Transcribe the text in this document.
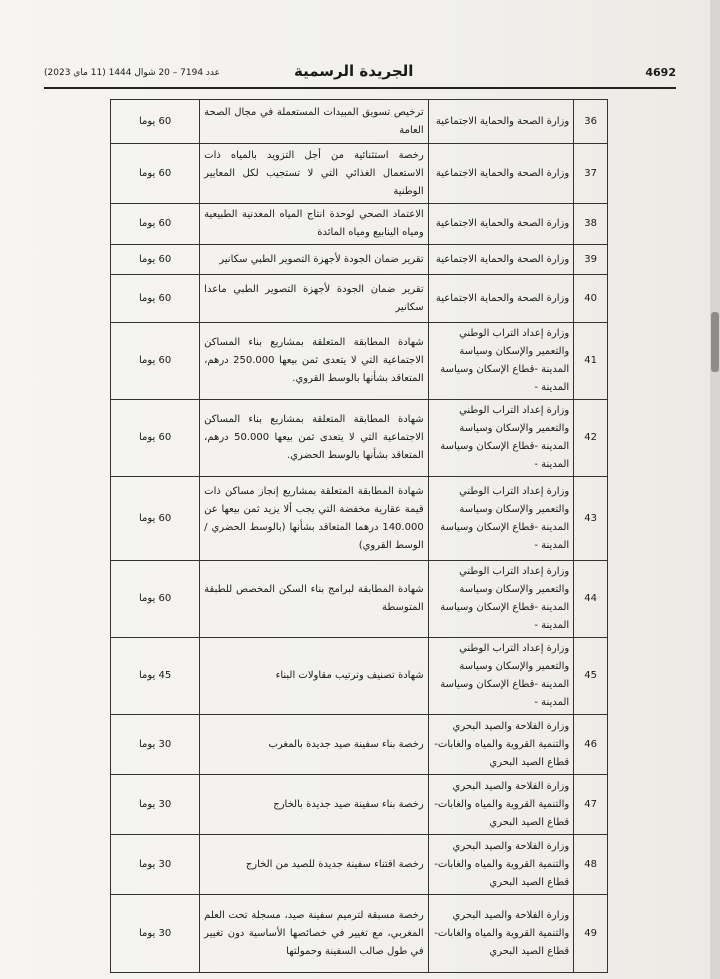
4692
الجريدة الرسمية
عدد 7194 – 20 شوال 1444 (11 ماي 2023)
36	وزارة الصحة والحماية الاجتماعية	ترخيص تسويق المبيدات المستعملة في مجال الصحة العامة	60 يوما
37	وزارة الصحة والحماية الاجتماعية	رخصة استثنائية من أجل التزويد بالمياه ذات الاستعمال الغذائي التي لا تستجيب لكل المعايير الوطنية	60 يوما
38	وزارة الصحة والحماية الاجتماعية	الاعتماد الصحي لوحدة انتاج المياه المعدنية الطبيعية ومياه الينابيع ومياه المائدة	60 يوما
39	وزارة الصحة والحماية الاجتماعية	تقرير ضمان الجودة لأجهزة التصوير الطبي سكانير	60 يوما
40	وزارة الصحة والحماية الاجتماعية	تقرير ضمان الجودة لأجهزة التصوير الطبي ماعدا سكانير	60 يوما
41	وزارة إعداد التراب الوطني والتعمير والإسكان وسياسة المدينة -قطاع الإسكان وسياسة المدينة -	شهادة المطابقة المتعلقة بمشاريع بناء المساكن الاجتماعية التي لا يتعدى ثمن بيعها 250.000 درهم، المتعاقد بشأنها بالوسط القروي.	60 يوما
42	وزارة إعداد التراب الوطني والتعمير والإسكان وسياسة المدينة -قطاع الإسكان وسياسة المدينة -	شهادة المطابقة المتعلقة بمشاريع بناء المساكن الاجتماعية التي لا يتعدى ثمن بيعها 50.000 درهم، المتعاقد بشأنها بالوسط الحضري.	60 يوما
43	وزارة إعداد التراب الوطني والتعمير والإسكان وسياسة المدينة -قطاع الإسكان وسياسة المدينة -	شهادة المطابقة المتعلقة بمشاريع إنجاز مساكن ذات قيمة عقارية مخفضة التي يجب ألا يزيد ثمن بيعها عن 140.000 درهما المتعاقد بشأنها (بالوسط الحضري /الوسط القروي)	60 يوما
44	وزارة إعداد التراب الوطني والتعمير والإسكان وسياسة المدينة -قطاع الإسكان وسياسة المدينة -	شهادة المطابقة لبرامج بناء السكن المخصص للطبقة المتوسطة	60 يوما
45	وزارة إعداد التراب الوطني والتعمير والإسكان وسياسة المدينة -قطاع الإسكان وسياسة المدينة -	شهادة تصنيف وترتيب مقاولات البناء	45 يوما
46	وزارة الفلاحة والصيد البحري والتنمية القروية والمياه والغابات- قطاع الصيد البحري	رخصة بناء سفينة صيد جديدة بالمغرب	30 يوما
47	وزارة الفلاحة والصيد البحري والتنمية القروية والمياه والغابات- قطاع الصيد البحري	رخصة بناء سفينة صيد جديدة بالخارج	30 يوما
48	وزارة الفلاحة والصيد البحري والتنمية القروية والمياه والغابات- قطاع الصيد البحري	رخصة اقتناء سفينة جديدة للصيد من الخارج	30 يوما
49	وزارة الفلاحة والصيد البحري والتنمية القروية والمياه والغابات- قطاع الصيد البحري	رخصة مسبقة لترميم سفينة صيد، مسجلة تحت العلم المغربي، مع تغيير في خصائصها الأساسية دون تغيير في طول صالب السفينة وحمولتها	30 يوما
